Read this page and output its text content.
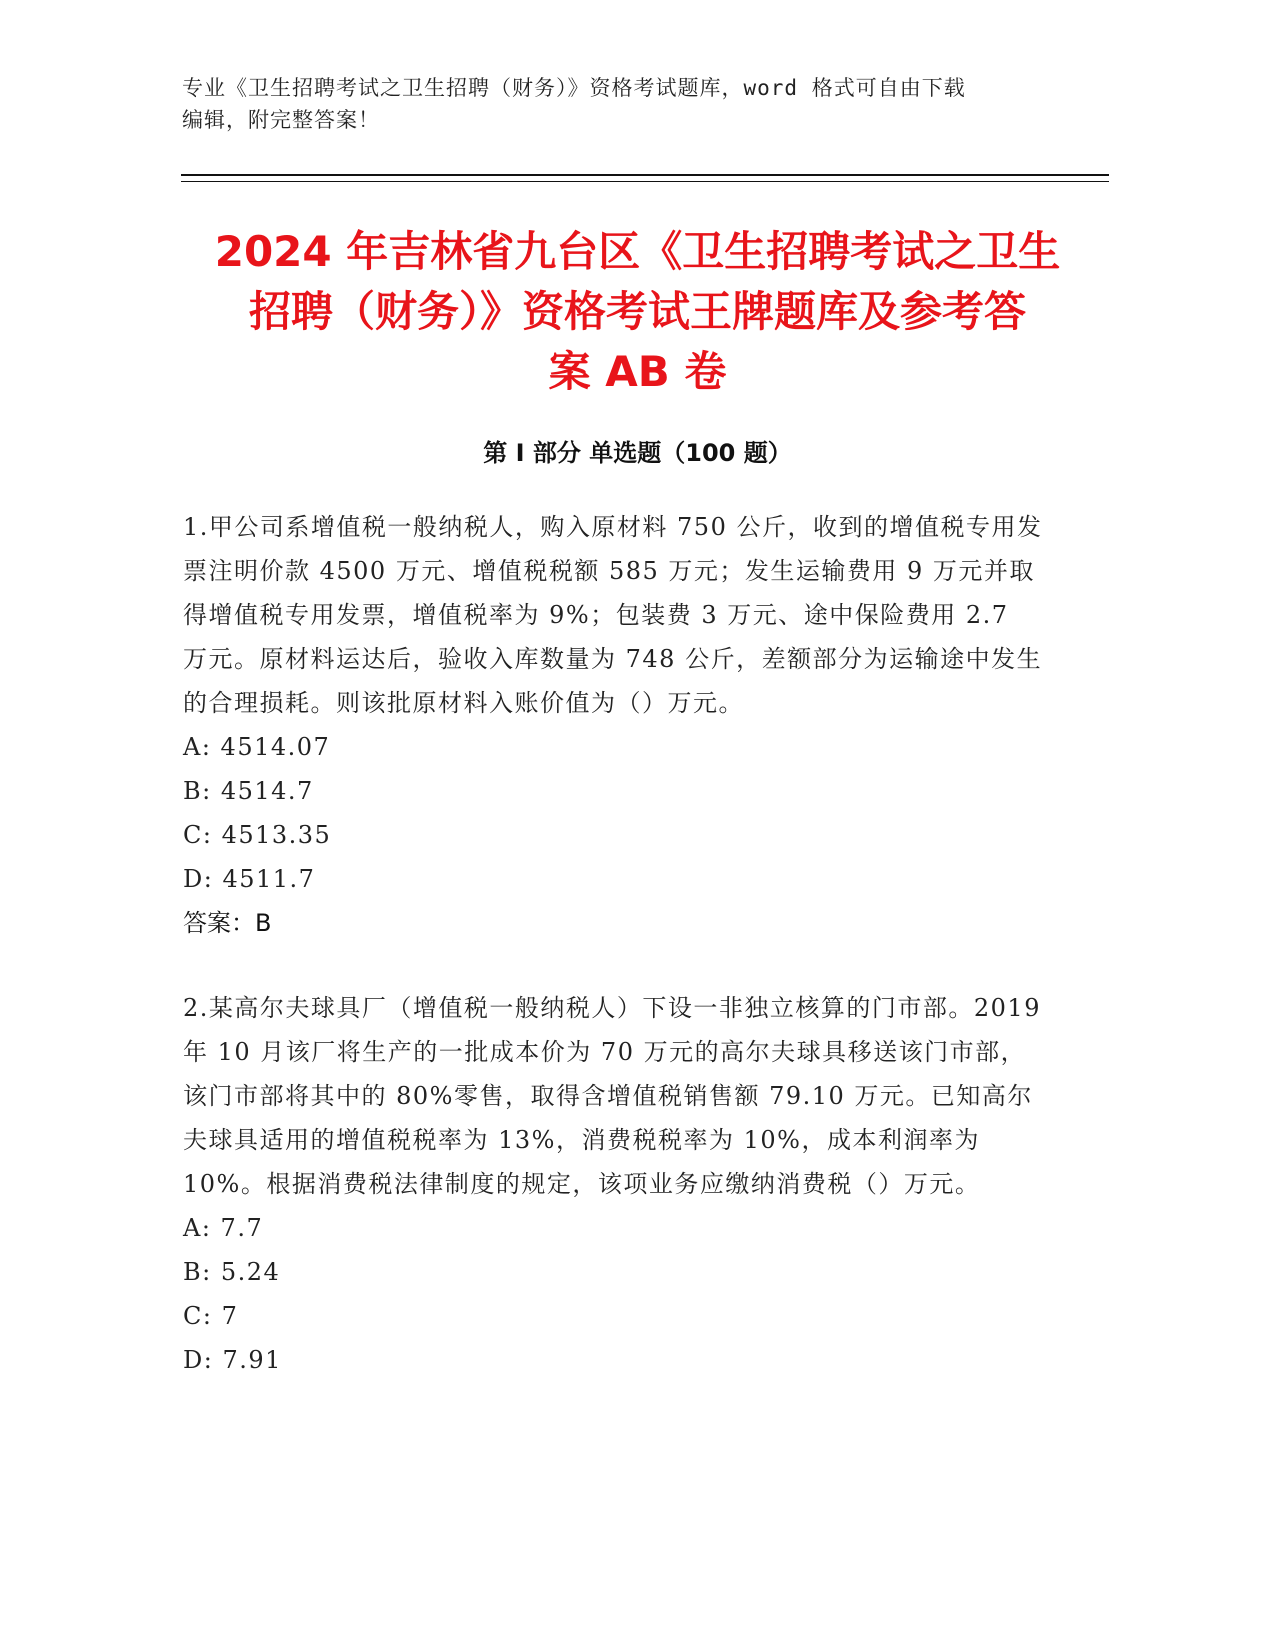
专业《卫生招聘考试之卫生招聘（财务）》资格考试题库，word 格式可自由下载
编辑，附完整答案！
2024 年吉林省九台区《卫生招聘考试之卫生
招聘（财务）》资格考试王牌题库及参考答
案 AB 卷
第 I 部分 单选题（100 题）

1.甲公司系增值税一般纳税人，购入原材料 750 公斤，收到的增值税专用发票注明价款 4500 万元、增值税税额 585 万元；发生运输费用 9 万元并取得增值税专用发票，增值税率为 9%；包装费 3 万元、途中保险费用 2.7 万元。原材料运达后，验收入库数量为 748 公斤，差额部分为运输途中发生的合理损耗。则该批原材料入账价值为（）万元。

A: 4514.07

B: 4514.7

C: 4513.35

D: 4511.7

答案：B

2.某高尔夫球具厂（增值税一般纳税人）下设一非独立核算的门市部。2019 年 10 月该厂将生产的一批成本价为 70 万元的高尔夫球具移送该门市部，该门市部将其中的 80%零售，取得含增值税销售额 79.10 万元。已知高尔夫球具适用的增值税税率为 13%，消费税税率为 10%，成本利润率为 10%。根据消费税法律制度的规定，该项业务应缴纳消费税（）万元。

A: 7.7

B: 5.24

C: 7

D: 7.91
